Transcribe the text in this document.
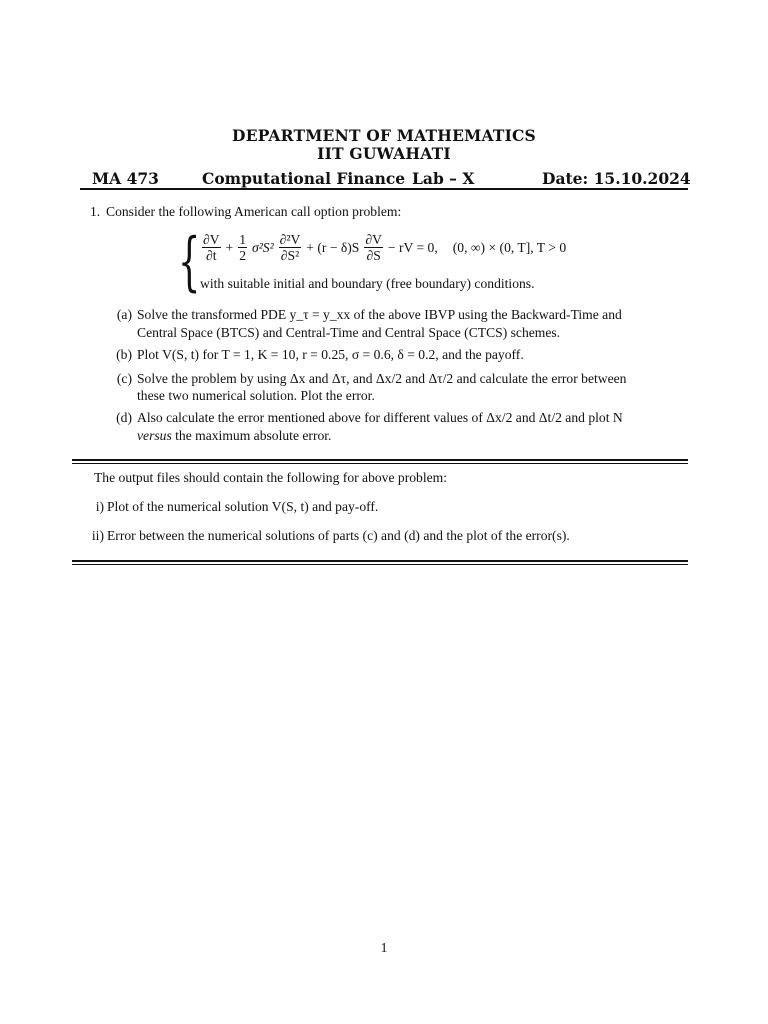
DEPARTMENT OF MATHEMATICS
IIT GUWAHATI
MA 473	Computational Finance Lab – X	Date: 15.10.2024
1. Consider the following American call option problem:
{ $\frac{\partial V}{\partial t} + \frac{1}{2} \sigma^2S^2 \frac{\text{∂²V}}{\text{∂S²}} + (r - \delta)S \frac{\partial V}{\partial S}$ − rV = 0, (0, ∞) × (0, T], T > 0
with suitable initial and boundary (free boundary) conditions.
(a) Solve the transformed PDE y_τ = y_xx of the above IBVP using the Backward-Time and
Central Space (BTCS) and Central-Time and Central Space (CTCS) schemes.
(b) Plot V(S, t) for T = 1, K = 10, r = 0.25, σ = 0.6, δ = 0.2, and the payoff.
(c) Solve the problem by using Δx and Δτ, and Δx/2 and Δτ/2 and calculate the error between
these two numerical solution. Plot the error.
(d) Also calculate the error mentioned above for different values of Δx/2 and Δt/2 and plot N
versus the maximum absolute error.
The output files should contain the following for above problem:
i) Plot of the numerical solution V(S, t) and pay-off.
ii) Error between the numerical solutions of parts (c) and (d) and the plot of the error(s).
1
